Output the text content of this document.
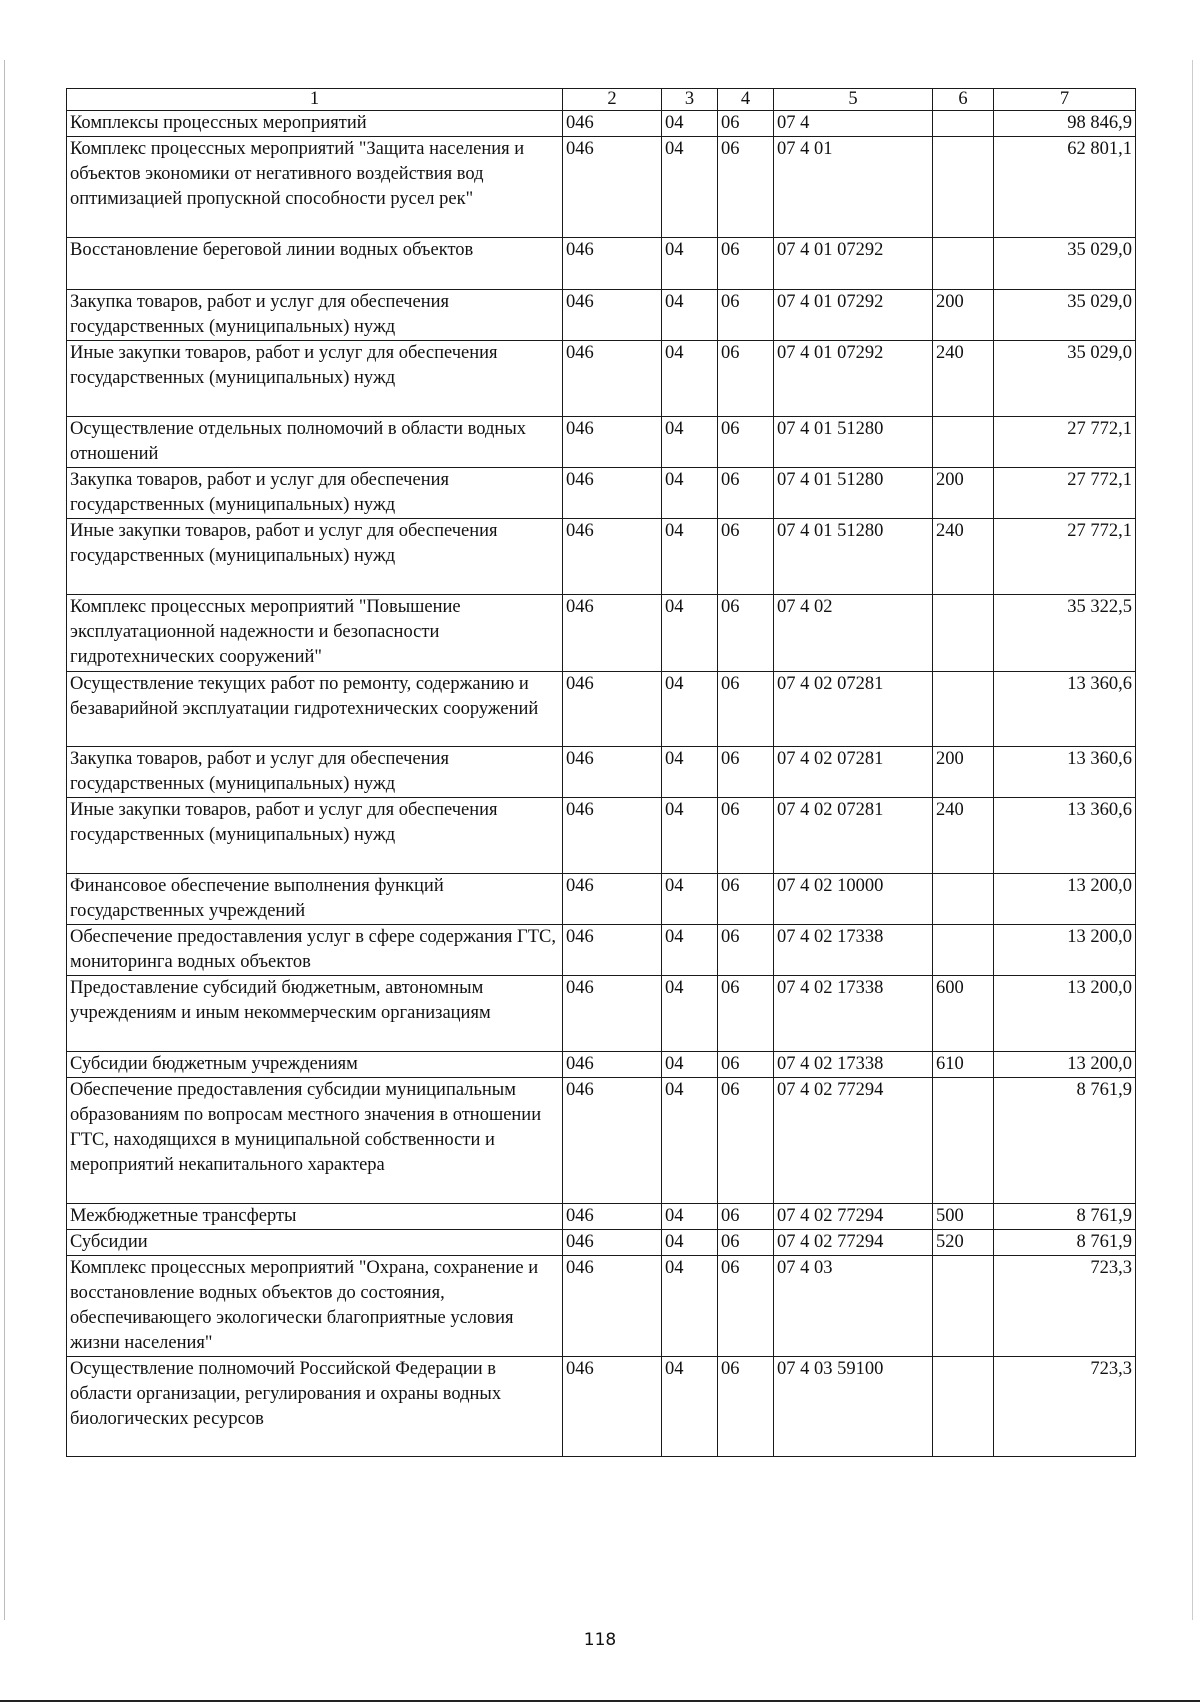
1	2	3	4	5	6	7
Комплексы процессных мероприятий	046	04	06	07 4		98 846,9
Комплекс процессных мероприятий "Защита населения и объектов экономики от негативного воздействия вод оптимизацией пропускной способности русел рек"	046	04	06	07 4 01		62 801,1
Восстановление береговой линии водных объектов	046	04	06	07 4 01 07292		35 029,0
Закупка товаров, работ и услуг для обеспечения государственных (муниципальных) нужд	046	04	06	07 4 01 07292	200	35 029,0
Иные закупки товаров, работ и услуг для обеспечения государственных (муниципальных) нужд	046	04	06	07 4 01 07292	240	35 029,0
Осуществление отдельных полномочий в области водных отношений	046	04	06	07 4 01 51280		27 772,1
Закупка товаров, работ и услуг для обеспечения государственных (муниципальных) нужд	046	04	06	07 4 01 51280	200	27 772,1
Иные закупки товаров, работ и услуг для обеспечения государственных (муниципальных) нужд	046	04	06	07 4 01 51280	240	27 772,1
Комплекс процессных мероприятий "Повышение эксплуатационной надежности и безопасности гидротехнических сооружений"	046	04	06	07 4 02		35 322,5
Осуществление текущих работ по ремонту, содержанию и безаварийной эксплуатации гидротехнических сооружений	046	04	06	07 4 02 07281		13 360,6
Закупка товаров, работ и услуг для обеспечения государственных (муниципальных) нужд	046	04	06	07 4 02 07281	200	13 360,6
Иные закупки товаров, работ и услуг для обеспечения государственных (муниципальных) нужд	046	04	06	07 4 02 07281	240	13 360,6
Финансовое обеспечение выполнения функций государственных учреждений	046	04	06	07 4 02 10000		13 200,0
Обеспечение предоставления услуг в сфере содержания ГТС, мониторинга водных объектов	046	04	06	07 4 02 17338		13 200,0
Предоставление субсидий бюджетным, автономным учреждениям и иным некоммерческим организациям	046	04	06	07 4 02 17338	600	13 200,0
Субсидии бюджетным учреждениям	046	04	06	07 4 02 17338	610	13 200,0
Обеспечение предоставления субсидии муниципальным образованиям по вопросам местного значения в отношении ГТС, находящихся в муниципальной собственности и мероприятий некапитального характера	046	04	06	07 4 02 77294		8 761,9
Межбюджетные трансферты	046	04	06	07 4 02 77294	500	8 761,9
Субсидии	046	04	06	07 4 02 77294	520	8 761,9
Комплекс процессных мероприятий "Охрана, сохранение и восстановление водных объектов до состояния, обеспечивающего экологически благоприятные условия жизни населения"	046	04	06	07 4 03		723,3
Осуществление полномочий Российской Федерации в области организации, регулирования и охраны водных биологических ресурсов	046	04	06	07 4 03 59100		723,3
118
